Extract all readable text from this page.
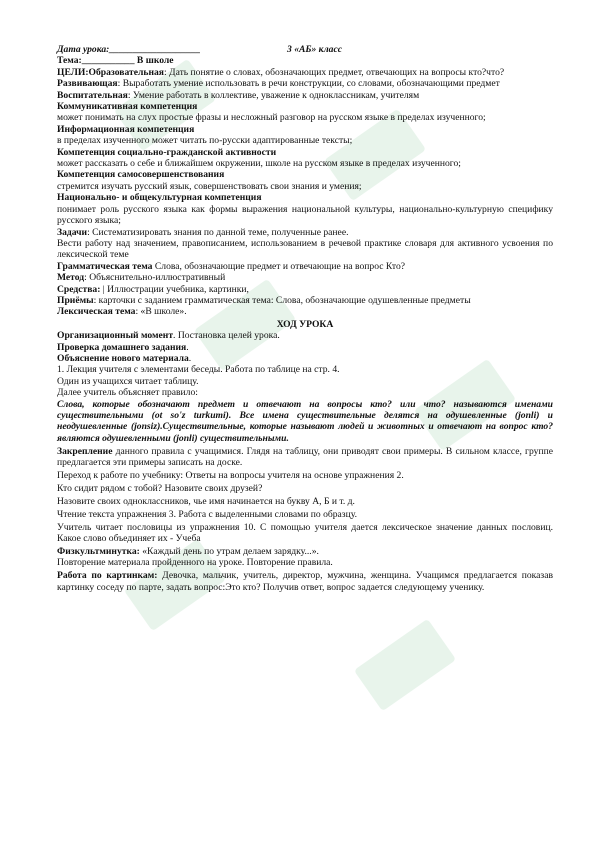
Дата урока:___________________	3 «АБ» класс

Тема:___________ В школе

ЦЕЛИ:Образовательная: Дать понятие о словах, обозначающих предмет, отвечающих на вопросы кто?что?

Развивающая: Выработать умение использовать в речи конструкции, со словами, обозначающими предмет

Воспитательная: Умение работать в коллективе, уважение к одноклассникам, учителям

Коммуникативная компетенция

может понимать на слух простые фразы и несложный разговор на русском языке в пределах изученного;

Информационная компетенция

в пределах изученного может читать по-русски адаптированные тексты;

Компетенция социально-гражданской активности

может рассказать о себе и ближайшем окружении, школе на русском языке в пределах изученного;

Компетенция самосовершенствования

стремится изучать русский язык, совершенствовать свои знания и умения;

Национально- и общекультурная компетенция

понимает роль русского языка как формы выражения национальной культуры, национально-культурную специфику русского языка;

Задачи: Систематизировать знания по данной теме, полученные ранее.

Вести работу над значением, правописанием, использованием в речевой практике словаря для активного усвоения по лексической теме

Грамматическая тема Слова, обозначающие предмет и отвечающие на вопрос Кто?

Метод: Объяснительно-иллюстративный

Средства: | Иллюстрации учебника, картинки,

Приёмы: карточки с заданием грамматическая тема: Слова, обозначающие одушевленные предметы

Лексическая тема: «В школе».

ХОД УРОКА

Организационный момент. Постановка целей урока.

Проверка домашнего задания.

Объяснение нового материала.

1. Лекция учителя с элементами беседы. Работа по таблице на стр. 4.

Один из учащихся читает таблицу.

Далее учитель объясняет правило:

Слова, которые обозначают предмет и отвечают на вопросы кто? или что? называются именами существительными (ot so'z turkumi). Все имена существительные делятся на одушевленные (jonli) и неодушевленные (jonsiz).Существительные, которые называют людей и животных и отвечают на вопрос кто? являются одушевленными (jonli) существительными.

Закрепление данного правила с учащимися. Глядя на таблицу, они приводят свои примеры. В сильном классе, группе предлагается эти примеры записать на доске.

Переход к работе по учебнику: Ответы на вопросы учителя на основе упражнения 2.

Кто сидит рядом с тобой? Назовите своих друзей?

Назовите своих одноклассников, чье имя начинается на букву А, Б и т. д.

Чтение текста упражнения 3. Работа с выделенными словами по образцу.

Учитель читает пословицы из упражнения 10. С помощью учителя дается лексическое значение данных пословиц. Какое слово объединяет их - Учеба

Физкультминутка: «Каждый день по утрам делаем зарядку...».

Повторение материала пройденного на уроке. Повторение правила.

Работа по картинкам: Девочка, мальчик, учитель, директор, мужчина, женщина. Учащимся предлагается показав картинку соседу по парте, задать вопрос:Это кто? Получив ответ, вопрос задается следующему ученику.
